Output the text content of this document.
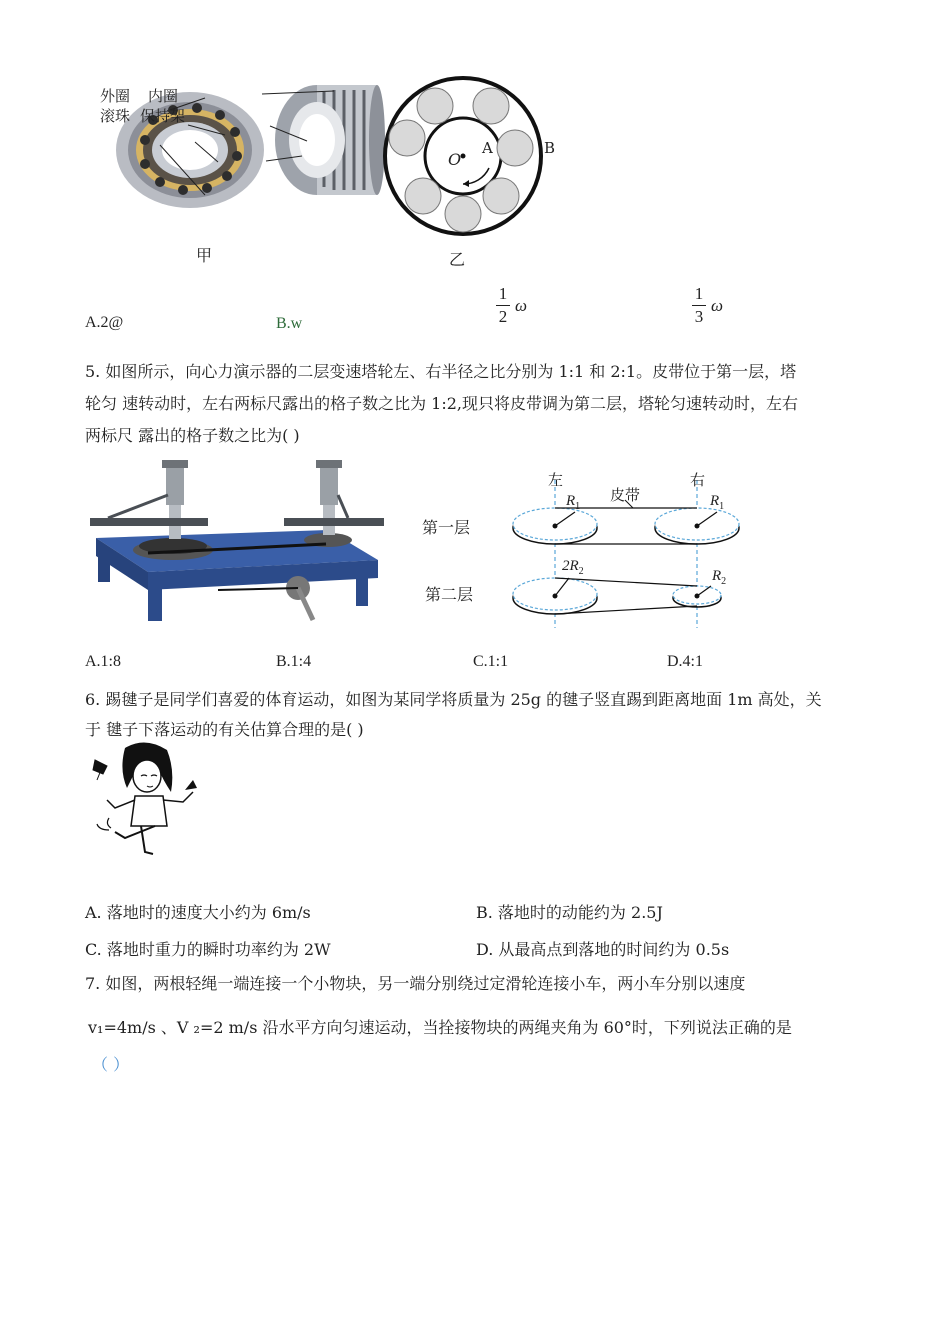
外圈 内圈
滚珠 保持架
甲
O
A	B
乙
A.2@	B.w
1
2
ω
1
3
ω
5. 如图所示，向心力演示器的二层变速塔轮左、右半径之比分别为 1:1 和 2:1。皮带位于第一层，塔
轮匀 速转动时，左右两标尺露出的格子数之比为 1:2,现只将皮带调为第二层，塔轮匀速转动时，左右
两标尺 露出的格子数之比为( )
左	右
皮带
$R_1$	$R_1$
$2R_2$	$R_2$
第一层
第二层
A.1:8	B.1:4	C.1:1	D.4:1
6. 踢毽子是同学们喜爱的体育运动，如图为某同学将质量为 25g 的毽子竖直踢到距离地面 1m 高处，关
于 毽子下落运动的有关估算合理的是( )
A. 落地时的速度大小约为 6m/s	B. 落地时的动能约为 2.5J
C. 落地时重力的瞬时功率约为 2W	D. 从最高点到落地的时间约为 0.5s
7. 如图，两根轻绳一端连接一个小物块，另一端分别绕过定滑轮连接小车，两小车分别以速度
v₁=4m/s 、V ₂=2 m/s 沿水平方向匀速运动，当拴接物块的两绳夹角为 60°时，下列说法正确的是
（ ）
